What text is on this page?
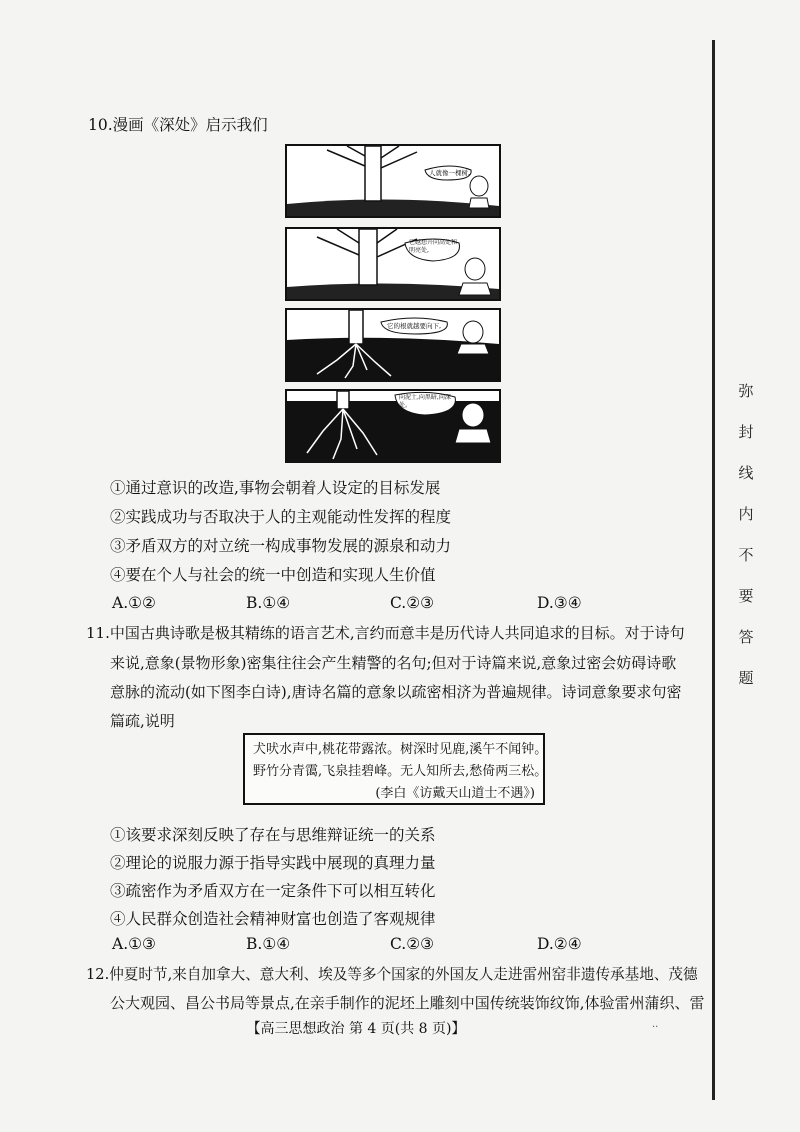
10.漫画《深处》启示我们
人就像一棵树,
它越想升向高处和明亮处,
它的根就越要向下,
向泥土,向黑暗,向深处。
①通过意识的改造,事物会朝着人设定的目标发展
②实践成功与否取决于人的主观能动性发挥的程度
③矛盾双方的对立统一构成事物发展的源泉和动力
④要在个人与社会的统一中创造和实现人生价值
A.①②	B.①④	C.②③	D.③④
11.中国古典诗歌是极其精练的语言艺术,言约而意丰是历代诗人共同追求的目标。对于诗句
来说,意象(景物形象)密集往往会产生精警的名句;但对于诗篇来说,意象过密会妨碍诗歌
意脉的流动(如下图李白诗),唐诗名篇的意象以疏密相济为普遍规律。诗词意象要求句密
篇疏,说明
犬吠水声中,桃花带露浓。树深时见鹿,溪午不闻钟。
野竹分青霭,飞泉挂碧峰。无人知所去,愁倚两三松。
(李白《访戴天山道士不遇》)
①该要求深刻反映了存在与思维辩证统一的关系
②理论的说服力源于指导实践中展现的真理力量
③疏密作为矛盾双方在一定条件下可以相互转化
④人民群众创造社会精神财富也创造了客观规律
A.①③	B.①④	C.②③	D.②④
12.仲夏时节,来自加拿大、意大利、埃及等多个国家的外国友人走进雷州窑非遗传承基地、茂德
公大观园、昌公书局等景点,在亲手制作的泥坯上雕刻中国传统装饰纹饰,体验雷州蒲织、雷
【高三思想政治 第 4 页(共 8 页)】	··
弥
封
线
内
不
要
答
题
